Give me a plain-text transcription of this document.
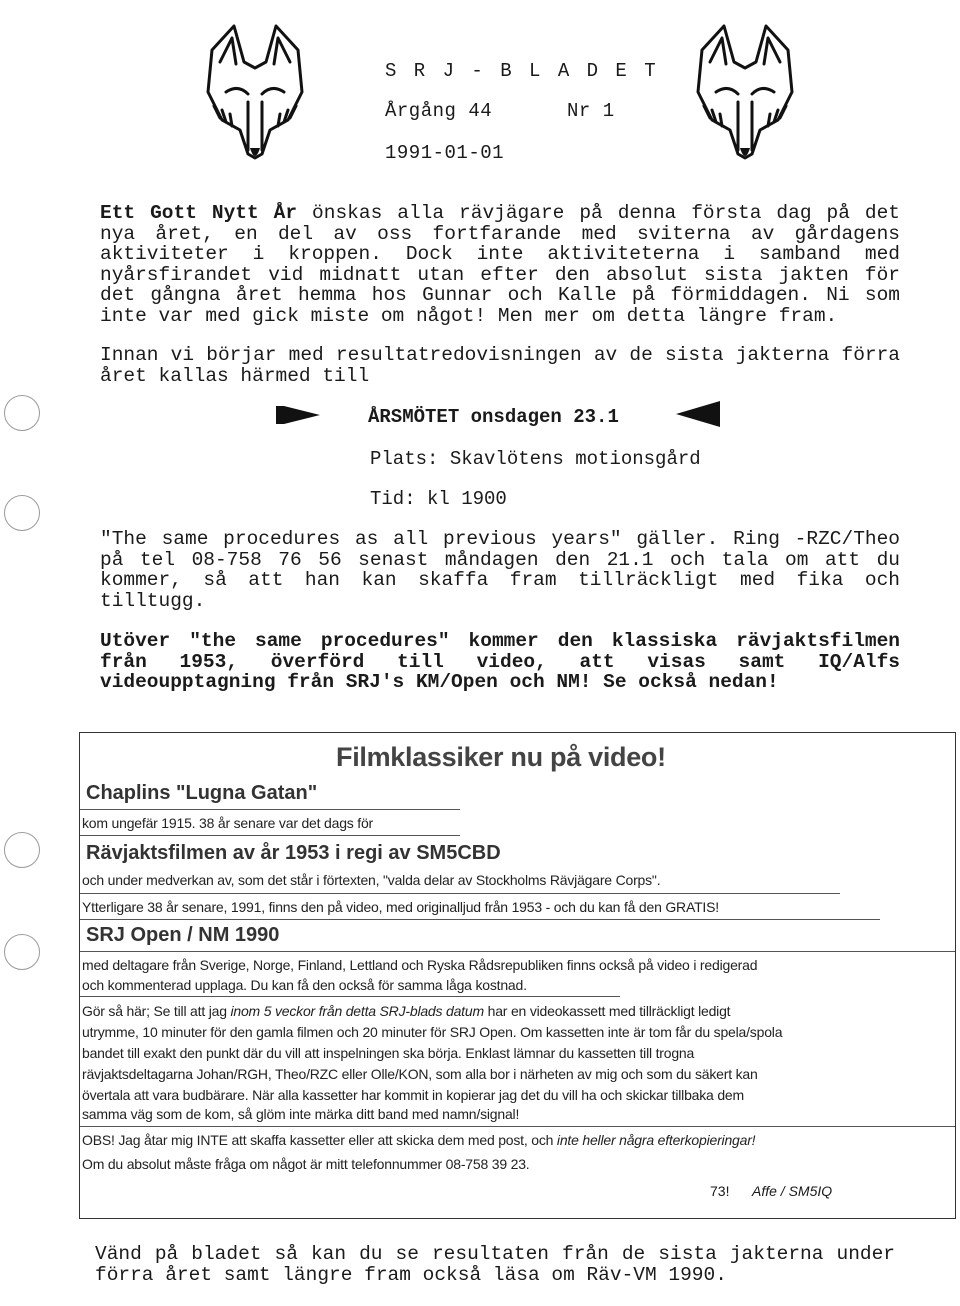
S R J - B L A D E T
Årgång 44	Nr 1
1991-01-01
Ett Gott Nytt År önskas alla rävjägare på denna första dag på det nya året, en del av oss fortfarande med sviterna av gårdagens aktiviteter i kroppen. Dock inte aktiviteterna i samband med nyårsfirandet vid midnatt utan efter den absolut sista jakten för det gångna året hemma hos Gunnar och Kalle på förmiddagen. Ni som inte var med gick miste om något! Men mer om detta längre fram.
Innan vi börjar med resultatredovisningen av de sista jakterna förra året kallas härmed till
ÅRSMÖTET onsdagen 23.1
Plats: Skavlötens motionsgård
Tid: kl 1900
"The same procedures as all previous years" gäller. Ring -RZC/Theo på tel 08-758 76 56 senast måndagen den 21.1 och tala om att du kommer, så att han kan skaffa fram tillräckligt med fika och tilltugg.
Utöver "the same procedures" kommer den klassiska rävjaktsfilmen från 1953, överförd till video, att visas samt IQ/Alfs videoupptagning från SRJ's KM/Open och NM! Se också nedan!
Filmklassiker nu på video!
Chaplins "Lugna Gatan"
kom ungefär 1915. 38 år senare var det dags för
Rävjaktsfilmen av år 1953 i regi av SM5CBD
och under medverkan av, som det står i förtexten, "valda delar av Stockholms Rävjägare Corps".
Ytterligare 38 år senare, 1991, finns den på video, med originalljud från 1953 - och du kan få den GRATIS!
SRJ Open / NM 1990
med deltagare från Sverige, Norge, Finland, Lettland och Ryska Rådsrepubliken finns också på video i redigerad
och kommenterad upplaga. Du kan få den också för samma låga kostnad.
Gör så här; Se till att jag inom 5 veckor från detta SRJ-blads datum har en videokassett med tillräckligt ledigt
utrymme, 10 minuter för den gamla filmen och 20 minuter för SRJ Open. Om kassetten inte är tom får du spela/spola
bandet till exakt den punkt där du vill att inspelningen ska börja. Enklast lämnar du kassetten till trogna
rävjaktsdeltagarna Johan/RGH, Theo/RZC eller Olle/KON, som alla bor i närheten av mig och som du säkert kan
övertala att vara budbärare. När alla kassetter har kommit in kopierar jag det du vill ha och skickar tillbaka dem
samma väg som de kom, så glöm inte märka ditt band med namn/signal!
OBS! Jag åtar mig INTE att skaffa kassetter eller att skicka dem med post, och inte heller några efterkopieringar!
Om du absolut måste fråga om något är mitt telefonnummer 08-758 39 23.
73! Affe / SM5IQ
Vänd på bladet så kan du se resultaten från de sista jakterna under förra året samt längre fram också läsa om Räv-VM 1990.
